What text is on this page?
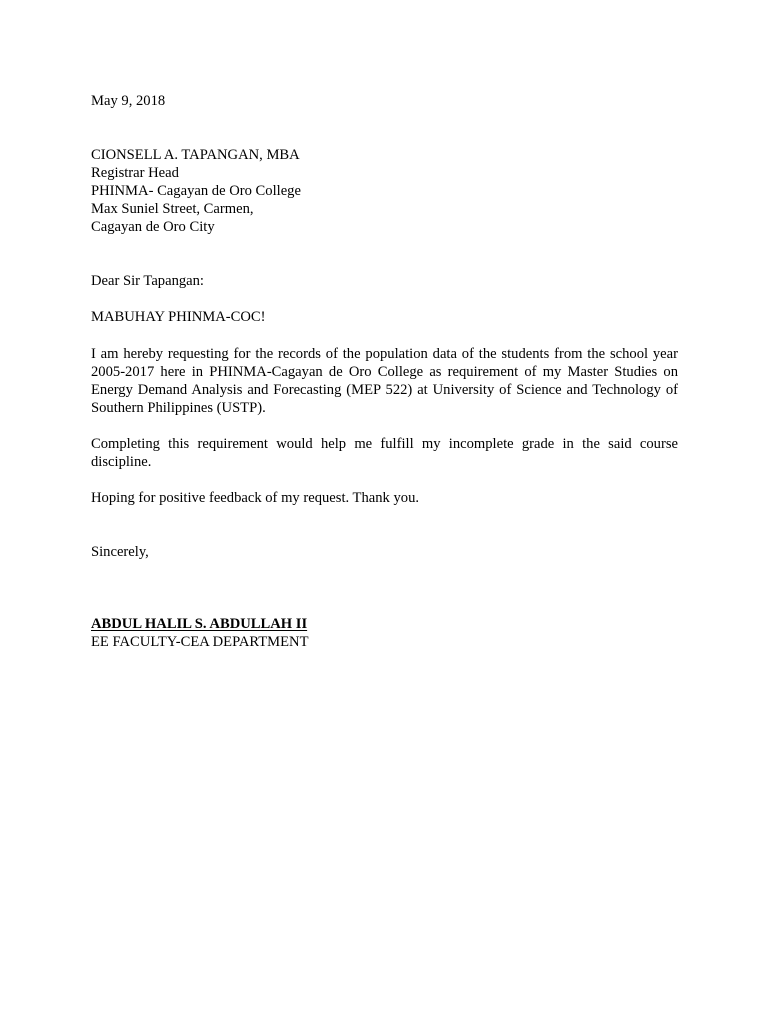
May 9, 2018

CIONSELL A. TAPANGAN, MBA
Registrar Head
PHINMA- Cagayan de Oro College
Max Suniel Street, Carmen,
Cagayan de Oro City

Dear Sir Tapangan:

MABUHAY PHINMA-COC!

I am hereby requesting for the records of the population data of the students from the school year 2005-2017 here in PHINMA-Cagayan de Oro College as requirement of my Master Studies on Energy Demand Analysis and Forecasting (MEP 522) at University of Science and Technology of Southern Philippines (USTP).

Completing this requirement would help me fulfill my incomplete grade in the said course discipline.

Hoping for positive feedback of my request. Thank you.

Sincerely,

ABDUL HALIL S. ABDULLAH II
EE FACULTY-CEA DEPARTMENT
